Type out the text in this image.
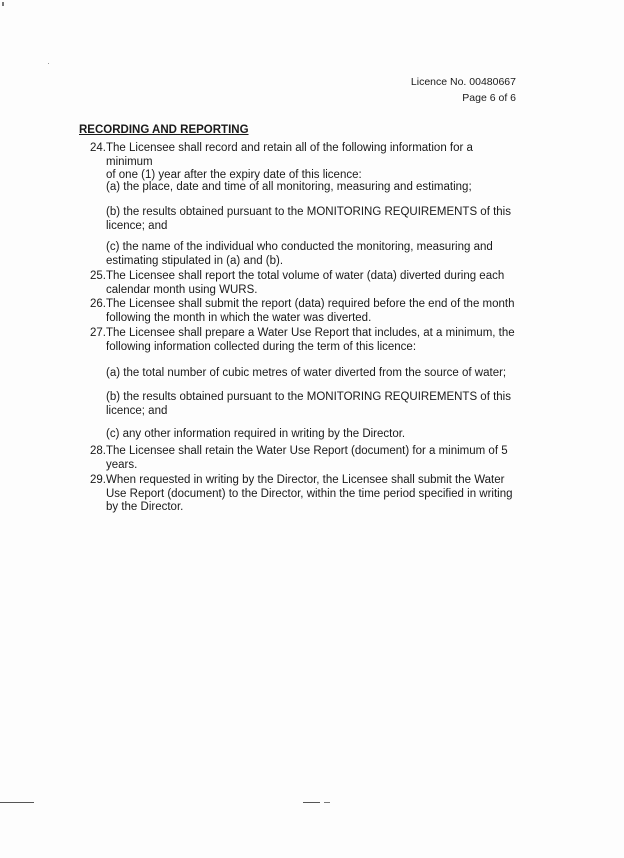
Licence No. 00480667
Page 6 of 6
RECORDING AND REPORTING
24. The Licensee shall record and retain all of the following information for a minimum
of one (1) year after the expiry date of this licence:
(a) the place, date and time of all monitoring, measuring and estimating;
(b) the results obtained pursuant to the MONITORING REQUIREMENTS of this
licence; and
(c) the name of the individual who conducted the monitoring, measuring and
estimating stipulated in (a) and (b).
25. The Licensee shall report the total volume of water (data) diverted during each
calendar month using WURS.
26. The Licensee shall submit the report (data) required before the end of the month
following the month in which the water was diverted.
27. The Licensee shall prepare a Water Use Report that includes, at a minimum, the
following information collected during the term of this licence:
(a) the total number of cubic metres of water diverted from the source of water;
(b) the results obtained pursuant to the MONITORING REQUIREMENTS of this
licence; and
(c) any other information required in writing by the Director.
28. The Licensee shall retain the Water Use Report (document) for a minimum of 5
years.
29. When requested in writing by the Director, the Licensee shall submit the Water
Use Report (document) to the Director, within the time period specified in writing
by the Director.
